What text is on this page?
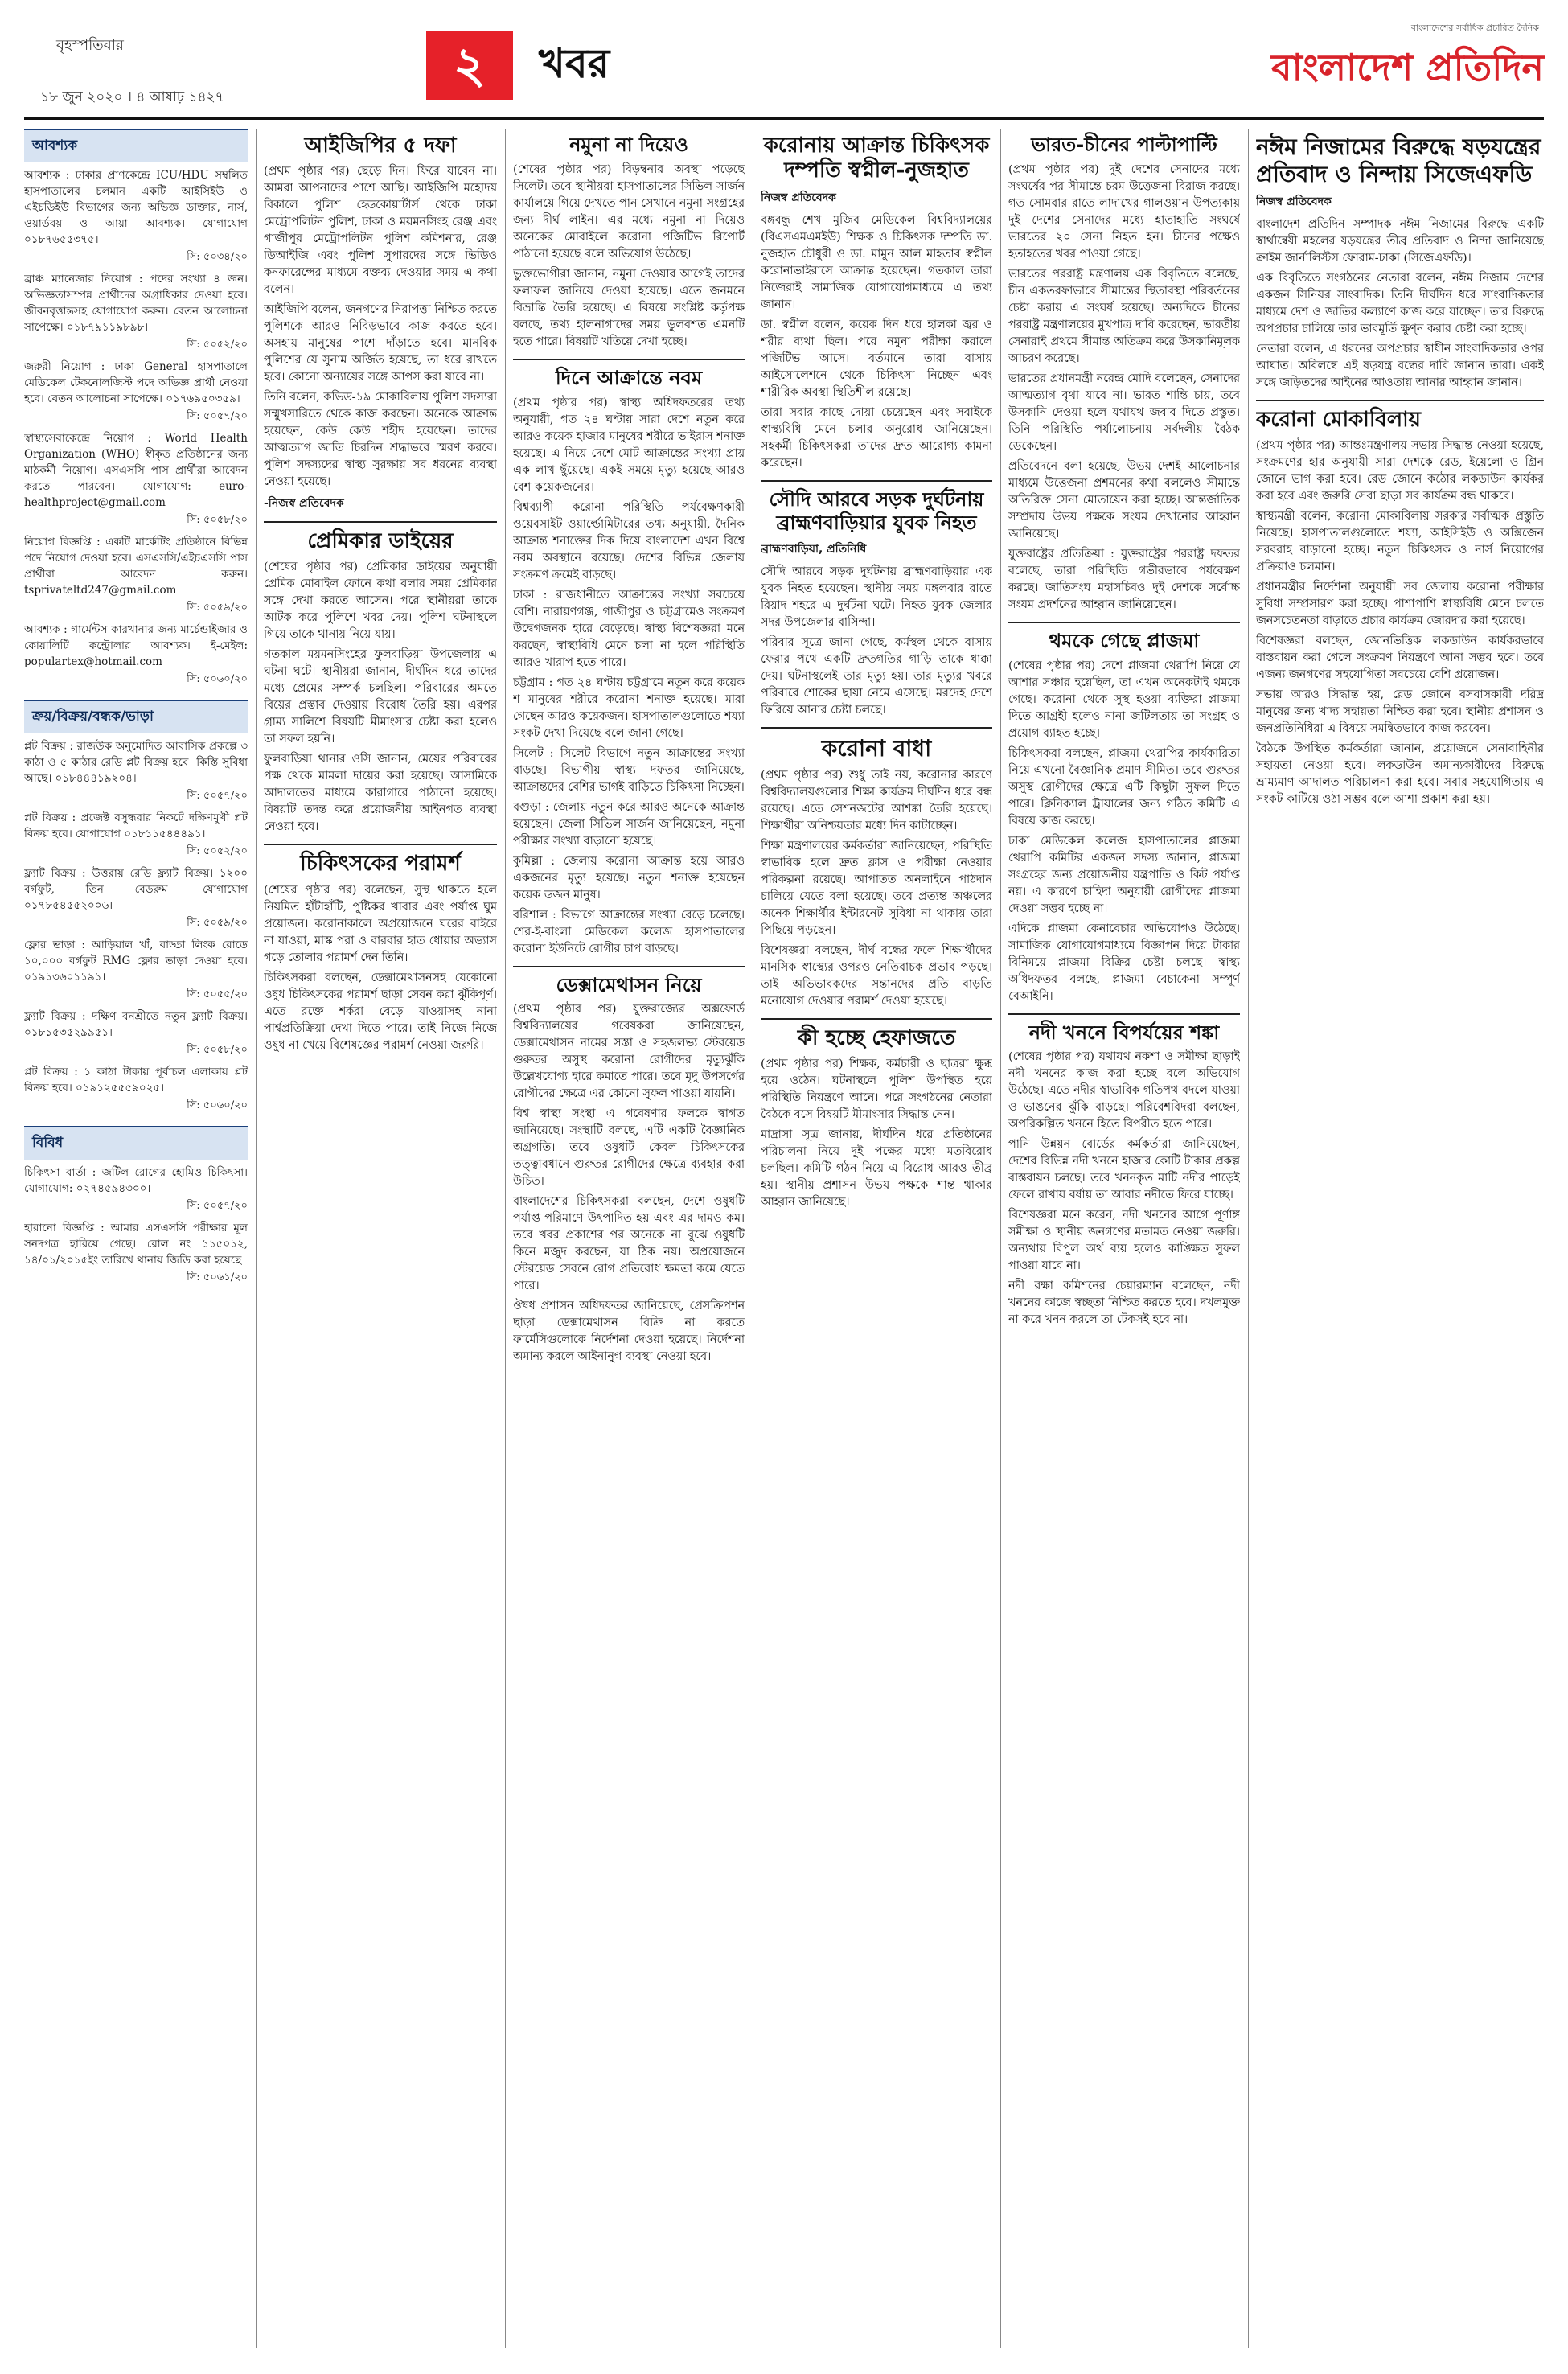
বৃহস্পতিবার
১৮ জুন ২০২০ । ৪ আষাঢ় ১৪২৭
২	খবর
বাংলাদেশের সর্বাধিক প্রচারিত দৈনিক
বাংলাদেশ প্রতিদিন
আবশ্যক

আবশ্যক : ঢাকার প্রাণকেন্দ্রে ICU/HDU সম্বলিত হাসপাতালের চলমান একটি আইসিইউ ও এইচডিইউ বিভাগের জন্য অভিজ্ঞ ডাক্তার, নার্স, ওয়ার্ডবয় ও আয়া আবশ্যক। যোগাযোগ ০১৮৭৬৫৫৩৭৫।

সি: ৫০৩৪/২০

ব্রাঞ্চ ম্যানেজার নিয়োগ : পদের সংখ্যা ৪ জন। অভিজ্ঞতাসম্পন্ন প্রার্থীদের অগ্রাধিকার দেওয়া হবে। জীবনবৃত্তান্তসহ যোগাযোগ করুন। বেতন আলোচনা সাপেক্ষে। ০১৮৭৯১১৯৮৯৮।

সি: ৫০৫২/২০

জরুরী নিয়োগ : ঢাকা General হাসপাতালে মেডিকেল টেকনোলজিস্ট পদে অভিজ্ঞ প্রার্থী নেওয়া হবে। বেতন আলোচনা সাপেক্ষে। ০১৭৬৯৫০৩৫৯।

সি: ৫০৫৭/২০

স্বাস্থ্যসেবাকেন্দ্রে নিয়োগ : World Health Organization (WHO) স্বীকৃত প্রতিষ্ঠানের জন্য মাঠকর্মী নিয়োগ। এসএসসি পাস প্রার্থীরা আবেদন করতে পারবেন। যোগাযোগ: euro-healthproject@gmail.com

সি: ৫০৫৮/২০

নিয়োগ বিজ্ঞপ্তি : একটি মার্কেটিং প্রতিষ্ঠানে বিভিন্ন পদে নিয়োগ দেওয়া হবে। এসএসসি/এইচএসসি পাস প্রার্থীরা আবেদন করুন। tsprivateltd247@gmail.com

সি: ৫০৫৯/২০

আবশ্যক : গার্মেন্টস কারখানার জন্য মার্চেন্ডাইজার ও কোয়ালিটি কন্ট্রোলার আবশ্যক। ই-মেইল: populartex@hotmail.com

সি: ৫০৬০/২০

ক্রয়/বিক্রয়/বন্ধক/ভাড়া

প্লট বিক্রয় : রাজউক অনুমোদিত আবাসিক প্রকল্পে ৩ কাঠা ও ৫ কাঠার রেডি প্লট বিক্রয় হবে। কিস্তি সুবিধা আছে। ০১৮৪৪৪১৯২০৪।

সি: ৫০৫৭/২০

প্লট বিক্রয় : প্রজেক্ট বসুন্ধরার নিকটে দক্ষিণমুখী প্লট বিক্রয় হবে। যোগাযোগ ০১৮১১৫৪৪৪৯১।

সি: ৫০৫২/২০

ফ্ল্যাট বিক্রয় : উত্তরায় রেডি ফ্ল্যাট বিক্রয়। ১২০০ বর্গফুট, তিন বেডরুম। যোগাযোগ ০১৭৮৫৪৫৫২০০৬।

সি: ৫০৫৯/২০

ফ্লোর ভাড়া : আড়িয়াল খাঁ, বাড্ডা লিংক রোডে ১০,০০০ বর্গফুট RMG ফ্লোর ভাড়া দেওয়া হবে। ০১৯১৩৬০১১৯১।

সি: ৫০৫৫/২০

ফ্ল্যাট বিক্রয় : দক্ষিণ বনশ্রীতে নতুন ফ্ল্যাট বিক্রয়। ০১৮১৫৩৫২৯৯৫১।

সি: ৫০৫৮/২০

প্লট বিক্রয় : ১ কাঠা টাকায় পূর্বাচল এলাকায় প্লট বিক্রয় হবে। ০১৯১২৫৫৫৯০২৫।

সি: ৫০৬০/২০

বিবিধ

চিকিৎসা বার্তা : জটিল রোগের হোমিও চিকিৎসা। যোগাযোগ: ০২৭৪৫৯৪৩০০।

সি: ৫০৫৭/২০

হারানো বিজ্ঞপ্তি : আমার এসএসসি পরীক্ষার মূল সনদপত্র হারিয়ে গেছে। রোল নং ১১৫০১২, ১৪/০১/২০১৫ইং তারিখে থানায় জিডি করা হয়েছে।

সি: ৫০৬১/২০

আইজিপির ৫ দফা

(প্রথম পৃষ্ঠার পর) ছেড়ে দিন। ফিরে যাবেন না। আমরা আপনাদের পাশে আছি। আইজিপি মহোদয় বিকালে পুলিশ হেডকোয়ার্টার্স থেকে ঢাকা মেট্রোপলিটন পুলিশ, ঢাকা ও ময়মনসিংহ রেঞ্জ এবং গাজীপুর মেট্রোপলিটন পুলিশ কমিশনার, রেঞ্জ ডিআইজি এবং পুলিশ সুপারদের সঙ্গে ভিডিও কনফারেন্সের মাধ্যমে বক্তব্য দেওয়ার সময় এ কথা বলেন।

আইজিপি বলেন, জনগণের নিরাপত্তা নিশ্চিত করতে পুলিশকে আরও নিবিড়ভাবে কাজ করতে হবে। অসহায় মানুষের পাশে দাঁড়াতে হবে। মানবিক পুলিশের যে সুনাম অর্জিত হয়েছে, তা ধরে রাখতে হবে। কোনো অন্যায়ের সঙ্গে আপস করা যাবে না।

তিনি বলেন, কভিড-১৯ মোকাবিলায় পুলিশ সদস্যরা সম্মুখসারিতে থেকে কাজ করছেন। অনেকে আক্রান্ত হয়েছেন, কেউ কেউ শহীদ হয়েছেন। তাদের আত্মত্যাগ জাতি চিরদিন শ্রদ্ধাভরে স্মরণ করবে। পুলিশ সদস্যদের স্বাস্থ্য সুরক্ষায় সব ধরনের ব্যবস্থা নেওয়া হয়েছে।

-নিজস্ব প্রতিবেদক

প্রেমিকার ডাইয়ের

(শেষের পৃষ্ঠার পর) প্রেমিকার ডাইয়ের অনুযায়ী প্রেমিক মোবাইল ফোনে কথা বলার সময় প্রেমিকার সঙ্গে দেখা করতে আসেন। পরে স্থানীয়রা তাকে আটক করে পুলিশে খবর দেয়। পুলিশ ঘটনাস্থলে গিয়ে তাকে থানায় নিয়ে যায়।

গতকাল ময়মনসিংহের ফুলবাড়িয়া উপজেলায় এ ঘটনা ঘটে। স্থানীয়রা জানান, দীর্ঘদিন ধরে তাদের মধ্যে প্রেমের সম্পর্ক চলছিল। পরিবারের অমতে বিয়ের প্রস্তাব দেওয়ায় বিরোধ তৈরি হয়। এরপর গ্রাম্য সালিশে বিষয়টি মীমাংসার চেষ্টা করা হলেও তা সফল হয়নি।

ফুলবাড়িয়া থানার ওসি জানান, মেয়ের পরিবারের পক্ষ থেকে মামলা দায়ের করা হয়েছে। আসামিকে আদালতের মাধ্যমে কারাগারে পাঠানো হয়েছে। বিষয়টি তদন্ত করে প্রয়োজনীয় আইনগত ব্যবস্থা নেওয়া হবে।

চিকিৎসকের পরামর্শ

(শেষের পৃষ্ঠার পর) বলেছেন, সুস্থ থাকতে হলে নিয়মিত হাঁটাহাঁটি, পুষ্টিকর খাবার এবং পর্যাপ্ত ঘুম প্রয়োজন। করোনাকালে অপ্রয়োজনে ঘরের বাইরে না যাওয়া, মাস্ক পরা ও বারবার হাত ধোয়ার অভ্যাস গড়ে তোলার পরামর্শ দেন তিনি।

চিকিৎসকরা বলছেন, ডেক্সামেথাসনসহ যেকোনো ওষুধ চিকিৎসকের পরামর্শ ছাড়া সেবন করা ঝুঁকিপূর্ণ। এতে রক্তে শর্করা বেড়ে যাওয়াসহ নানা পার্শ্বপ্রতিক্রিয়া দেখা দিতে পারে। তাই নিজে নিজে ওষুধ না খেয়ে বিশেষজ্ঞের পরামর্শ নেওয়া জরুরি।

নমুনা না দিয়েও

(শেষের পৃষ্ঠার পর) বিড়ম্বনার অবস্থা পড়েছে সিলেট। তবে স্থানীয়রা হাসপাতালের সিভিল সার্জন কার্যালয়ে গিয়ে দেখতে পান সেখানে নমুনা সংগ্রহের জন্য দীর্ঘ লাইন। এর মধ্যে নমুনা না দিয়েও অনেকের মোবাইলে করোনা পজিটিভ রিপোর্ট পাঠানো হয়েছে বলে অভিযোগ উঠেছে।

ভুক্তভোগীরা জানান, নমুনা দেওয়ার আগেই তাদের ফলাফল জানিয়ে দেওয়া হয়েছে। এতে জনমনে বিভ্রান্তি তৈরি হয়েছে। এ বিষয়ে সংশ্লিষ্ট কর্তৃপক্ষ বলছে, তথ্য হালনাগাদের সময় ভুলবশত এমনটি হতে পারে। বিষয়টি খতিয়ে দেখা হচ্ছে।

দিনে আক্রান্তে নবম

(প্রথম পৃষ্ঠার পর) স্বাস্থ্য অধিদফতরের তথ্য অনুযায়ী, গত ২৪ ঘণ্টায় সারা দেশে নতুন করে আরও কয়েক হাজার মানুষের শরীরে ভাইরাস শনাক্ত হয়েছে। এ নিয়ে দেশে মোট আক্রান্তের সংখ্যা প্রায় এক লাখ ছুঁয়েছে। একই সময়ে মৃত্যু হয়েছে আরও বেশ কয়েকজনের।

বিশ্বব্যাপী করোনা পরিস্থিতি পর্যবেক্ষণকারী ওয়েবসাইট ওয়ার্ল্ডোমিটারের তথ্য অনুযায়ী, দৈনিক আক্রান্ত শনাক্তের দিক দিয়ে বাংলাদেশ এখন বিশ্বে নবম অবস্থানে রয়েছে। দেশের বিভিন্ন জেলায় সংক্রমণ ক্রমেই বাড়ছে।

ঢাকা : রাজধানীতে আক্রান্তের সংখ্যা সবচেয়ে বেশি। নারায়ণগঞ্জ, গাজীপুর ও চট্টগ্রামেও সংক্রমণ উদ্বেগজনক হারে বেড়েছে। স্বাস্থ্য বিশেষজ্ঞরা মনে করছেন, স্বাস্থ্যবিধি মেনে চলা না হলে পরিস্থিতি আরও খারাপ হতে পারে।

চট্টগ্রাম : গত ২৪ ঘণ্টায় চট্টগ্রামে নতুন করে কয়েক শ মানুষের শরীরে করোনা শনাক্ত হয়েছে। মারা গেছেন আরও কয়েকজন। হাসপাতালগুলোতে শয্যা সংকট দেখা দিয়েছে বলে জানা গেছে।

সিলেট : সিলেট বিভাগে নতুন আক্রান্তের সংখ্যা বাড়ছে। বিভাগীয় স্বাস্থ্য দফতর জানিয়েছে, আক্রান্তদের বেশির ভাগই বাড়িতে চিকিৎসা নিচ্ছেন।

বগুড়া : জেলায় নতুন করে আরও অনেকে আক্রান্ত হয়েছেন। জেলা সিভিল সার্জন জানিয়েছেন, নমুনা পরীক্ষার সংখ্যা বাড়ানো হয়েছে।

কুমিল্লা : জেলায় করোনা আক্রান্ত হয়ে আরও একজনের মৃত্যু হয়েছে। নতুন শনাক্ত হয়েছেন কয়েক ডজন মানুষ।

বরিশাল : বিভাগে আক্রান্তের সংখ্যা বেড়ে চলেছে। শের-ই-বাংলা মেডিকেল কলেজ হাসপাতালের করোনা ইউনিটে রোগীর চাপ বাড়ছে।

ডেক্সামেথাসন নিয়ে

(প্রথম পৃষ্ঠার পর) যুক্তরাজ্যের অক্সফোর্ড বিশ্ববিদ্যালয়ের গবেষকরা জানিয়েছেন, ডেক্সামেথাসন নামের সস্তা ও সহজলভ্য স্টেরয়েড গুরুতর অসুস্থ করোনা রোগীদের মৃত্যুঝুঁকি উল্লেখযোগ্য হারে কমাতে পারে। তবে মৃদু উপসর্গের রোগীদের ক্ষেত্রে এর কোনো সুফল পাওয়া যায়নি।

বিশ্ব স্বাস্থ্য সংস্থা এ গবেষণার ফলকে স্বাগত জানিয়েছে। সংস্থাটি বলছে, এটি একটি বৈজ্ঞানিক অগ্রগতি। তবে ওষুধটি কেবল চিকিৎসকের তত্ত্বাবধানে গুরুতর রোগীদের ক্ষেত্রে ব্যবহার করা উচিত।

বাংলাদেশের চিকিৎসকরা বলছেন, দেশে ওষুধটি পর্যাপ্ত পরিমাণে উৎপাদিত হয় এবং এর দামও কম। তবে খবর প্রকাশের পর অনেকে না বুঝে ওষুধটি কিনে মজুদ করছেন, যা ঠিক নয়। অপ্রয়োজনে স্টেরয়েড সেবনে রোগ প্রতিরোধ ক্ষমতা কমে যেতে পারে।

ঔষধ প্রশাসন অধিদফতর জানিয়েছে, প্রেসক্রিপশন ছাড়া ডেক্সামেথাসন বিক্রি না করতে ফার্মেসিগুলোকে নির্দেশনা দেওয়া হয়েছে। নির্দেশনা অমান্য করলে আইনানুগ ব্যবস্থা নেওয়া হবে।

করোনায় আক্রান্ত চিকিৎসক দম্পতি স্বপ্নীল-নুজহাত

নিজস্ব প্রতিবেদক

বঙ্গবন্ধু শেখ মুজিব মেডিকেল বিশ্ববিদ্যালয়ের (বিএসএমএমইউ) শিক্ষক ও চিকিৎসক দম্পতি ডা. নুজহাত চৌধুরী ও ডা. মামুন আল মাহতাব স্বপ্নীল করোনাভাইরাসে আক্রান্ত হয়েছেন। গতকাল তারা নিজেরাই সামাজিক যোগাযোগমাধ্যমে এ তথ্য জানান।

ডা. স্বপ্নীল বলেন, কয়েক দিন ধরে হালকা জ্বর ও শরীর ব্যথা ছিল। পরে নমুনা পরীক্ষা করালে পজিটিভ আসে। বর্তমানে তারা বাসায় আইসোলেশনে থেকে চিকিৎসা নিচ্ছেন এবং শারীরিক অবস্থা স্থিতিশীল রয়েছে।

তারা সবার কাছে দোয়া চেয়েছেন এবং সবাইকে স্বাস্থ্যবিধি মেনে চলার অনুরোধ জানিয়েছেন। সহকর্মী চিকিৎসকরা তাদের দ্রুত আরোগ্য কামনা করেছেন।

সৌদি আরবে সড়ক দুর্ঘটনায় ব্রাহ্মণবাড়িয়ার যুবক নিহত

ব্রাহ্মণবাড়িয়া, প্রতিনিধি

সৌদি আরবে সড়ক দুর্ঘটনায় ব্রাহ্মণবাড়িয়ার এক যুবক নিহত হয়েছেন। স্থানীয় সময় মঙ্গলবার রাতে রিয়াদ শহরে এ দুর্ঘটনা ঘটে। নিহত যুবক জেলার সদর উপজেলার বাসিন্দা।

পরিবার সূত্রে জানা গেছে, কর্মস্থল থেকে বাসায় ফেরার পথে একটি দ্রুতগতির গাড়ি তাকে ধাক্কা দেয়। ঘটনাস্থলেই তার মৃত্যু হয়। তার মৃত্যুর খবরে পরিবারে শোকের ছায়া নেমে এসেছে। মরদেহ দেশে ফিরিয়ে আনার চেষ্টা চলছে।

করোনা বাধা

(প্রথম পৃষ্ঠার পর) শুধু তাই নয়, করোনার কারণে বিশ্ববিদ্যালয়গুলোর শিক্ষা কার্যক্রম দীর্ঘদিন ধরে বন্ধ রয়েছে। এতে সেশনজটের আশঙ্কা তৈরি হয়েছে। শিক্ষার্থীরা অনিশ্চয়তার মধ্যে দিন কাটাচ্ছেন।

শিক্ষা মন্ত্রণালয়ের কর্মকর্তারা জানিয়েছেন, পরিস্থিতি স্বাভাবিক হলে দ্রুত ক্লাস ও পরীক্ষা নেওয়ার পরিকল্পনা রয়েছে। আপাতত অনলাইনে পাঠদান চালিয়ে যেতে বলা হয়েছে। তবে প্রত্যন্ত অঞ্চলের অনেক শিক্ষার্থীর ইন্টারনেট সুবিধা না থাকায় তারা পিছিয়ে পড়ছেন।

বিশেষজ্ঞরা বলছেন, দীর্ঘ বন্ধের ফলে শিক্ষার্থীদের মানসিক স্বাস্থ্যের ওপরও নেতিবাচক প্রভাব পড়ছে। তাই অভিভাবকদের সন্তানদের প্রতি বাড়তি মনোযোগ দেওয়ার পরামর্শ দেওয়া হয়েছে।

কী হচ্ছে হেফাজতে

(প্রথম পৃষ্ঠার পর) শিক্ষক, কর্মচারী ও ছাত্ররা ক্ষুব্ধ হয়ে ওঠেন। ঘটনাস্থলে পুলিশ উপস্থিত হয়ে পরিস্থিতি নিয়ন্ত্রণে আনে। পরে সংগঠনের নেতারা বৈঠকে বসে বিষয়টি মীমাংসার সিদ্ধান্ত নেন।

মাদ্রাসা সূত্র জানায়, দীর্ঘদিন ধরে প্রতিষ্ঠানের পরিচালনা নিয়ে দুই পক্ষের মধ্যে মতবিরোধ চলছিল। কমিটি গঠন নিয়ে এ বিরোধ আরও তীব্র হয়। স্থানীয় প্রশাসন উভয় পক্ষকে শান্ত থাকার আহ্বান জানিয়েছে।

ভারত-চীনের পাল্টাপাল্টি

(প্রথম পৃষ্ঠার পর) দুই দেশের সেনাদের মধ্যে সংঘর্ষের পর সীমান্তে চরম উত্তেজনা বিরাজ করছে। গত সোমবার রাতে লাদাখের গালওয়ান উপত্যকায় দুই দেশের সেনাদের মধ্যে হাতাহাতি সংঘর্ষে ভারতের ২০ সেনা নিহত হন। চীনের পক্ষেও হতাহতের খবর পাওয়া গেছে।

ভারতের পররাষ্ট্র মন্ত্রণালয় এক বিবৃতিতে বলেছে, চীন একতরফাভাবে সীমান্তের স্থিতাবস্থা পরিবর্তনের চেষ্টা করায় এ সংঘর্ষ হয়েছে। অন্যদিকে চীনের পররাষ্ট্র মন্ত্রণালয়ের মুখপাত্র দাবি করেছেন, ভারতীয় সেনারাই প্রথমে সীমান্ত অতিক্রম করে উসকানিমূলক আচরণ করেছে।

ভারতের প্রধানমন্ত্রী নরেন্দ্র মোদি বলেছেন, সেনাদের আত্মত্যাগ বৃথা যাবে না। ভারত শান্তি চায়, তবে উসকানি দেওয়া হলে যথাযথ জবাব দিতে প্রস্তুত। তিনি পরিস্থিতি পর্যালোচনায় সর্বদলীয় বৈঠক ডেকেছেন।

প্রতিবেদনে বলা হয়েছে, উভয় দেশই আলোচনার মাধ্যমে উত্তেজনা প্রশমনের কথা বললেও সীমান্তে অতিরিক্ত সেনা মোতায়েন করা হচ্ছে। আন্তর্জাতিক সম্প্রদায় উভয় পক্ষকে সংযম দেখানোর আহ্বান জানিয়েছে।

যুক্তরাষ্ট্রের প্রতিক্রিয়া : যুক্তরাষ্ট্রের পররাষ্ট্র দফতর বলেছে, তারা পরিস্থিতি গভীরভাবে পর্যবেক্ষণ করছে। জাতিসংঘ মহাসচিবও দুই দেশকে সর্বোচ্চ সংযম প্রদর্শনের আহ্বান জানিয়েছেন।

থমকে গেছে প্লাজমা

(শেষের পৃষ্ঠার পর) দেশে প্লাজমা থেরাপি নিয়ে যে আশার সঞ্চার হয়েছিল, তা এখন অনেকটাই থমকে গেছে। করোনা থেকে সুস্থ হওয়া ব্যক্তিরা প্লাজমা দিতে আগ্রহী হলেও নানা জটিলতায় তা সংগ্রহ ও প্রয়োগ ব্যাহত হচ্ছে।

চিকিৎসকরা বলছেন, প্লাজমা থেরাপির কার্যকারিতা নিয়ে এখনো বৈজ্ঞানিক প্রমাণ সীমিত। তবে গুরুতর অসুস্থ রোগীদের ক্ষেত্রে এটি কিছুটা সুফল দিতে পারে। ক্লিনিক্যাল ট্রায়ালের জন্য গঠিত কমিটি এ বিষয়ে কাজ করছে।

ঢাকা মেডিকেল কলেজ হাসপাতালের প্লাজমা থেরাপি কমিটির একজন সদস্য জানান, প্লাজমা সংগ্রহের জন্য প্রয়োজনীয় যন্ত্রপাতি ও কিট পর্যাপ্ত নয়। এ কারণে চাহিদা অনুযায়ী রোগীদের প্লাজমা দেওয়া সম্ভব হচ্ছে না।

এদিকে প্লাজমা কেনাবেচার অভিযোগও উঠেছে। সামাজিক যোগাযোগমাধ্যমে বিজ্ঞাপন দিয়ে টাকার বিনিময়ে প্লাজমা বিক্রির চেষ্টা চলছে। স্বাস্থ্য অধিদফতর বলছে, প্লাজমা বেচাকেনা সম্পূর্ণ বেআইনি।

নদী খননে বিপর্যয়ের শঙ্কা

(শেষের পৃষ্ঠার পর) যথাযথ নকশা ও সমীক্ষা ছাড়াই নদী খননের কাজ করা হচ্ছে বলে অভিযোগ উঠেছে। এতে নদীর স্বাভাবিক গতিপথ বদলে যাওয়া ও ভাঙনের ঝুঁকি বাড়ছে। পরিবেশবিদরা বলছেন, অপরিকল্পিত খননে হিতে বিপরীত হতে পারে।

পানি উন্নয়ন বোর্ডের কর্মকর্তারা জানিয়েছেন, দেশের বিভিন্ন নদী খননে হাজার কোটি টাকার প্রকল্প বাস্তবায়ন চলছে। তবে খননকৃত মাটি নদীর পাড়েই ফেলে রাখায় বর্ষায় তা আবার নদীতে ফিরে যাচ্ছে।

বিশেষজ্ঞরা মনে করেন, নদী খননের আগে পূর্ণাঙ্গ সমীক্ষা ও স্থানীয় জনগণের মতামত নেওয়া জরুরি। অন্যথায় বিপুল অর্থ ব্যয় হলেও কাঙ্ক্ষিত সুফল পাওয়া যাবে না।

নদী রক্ষা কমিশনের চেয়ারম্যান বলেছেন, নদী খননের কাজে স্বচ্ছতা নিশ্চিত করতে হবে। দখলমুক্ত না করে খনন করলে তা টেকসই হবে না।

নঈম নিজামের বিরুদ্ধে ষড়যন্ত্রের প্রতিবাদ ও নিন্দায় সিজেএফডি

নিজস্ব প্রতিবেদক

বাংলাদেশ প্রতিদিন সম্পাদক নঈম নিজামের বিরুদ্ধে একটি স্বার্থান্বেষী মহলের ষড়যন্ত্রের তীব্র প্রতিবাদ ও নিন্দা জানিয়েছে ক্রাইম জার্নালিস্টস ফোরাম-ঢাকা (সিজেএফডি)।

এক বিবৃতিতে সংগঠনের নেতারা বলেন, নঈম নিজাম দেশের একজন সিনিয়র সাংবাদিক। তিনি দীর্ঘদিন ধরে সাংবাদিকতার মাধ্যমে দেশ ও জাতির কল্যাণে কাজ করে যাচ্ছেন। তার বিরুদ্ধে অপপ্রচার চালিয়ে তার ভাবমূর্তি ক্ষুণ্ন করার চেষ্টা করা হচ্ছে।

নেতারা বলেন, এ ধরনের অপপ্রচার স্বাধীন সাংবাদিকতার ওপর আঘাত। অবিলম্বে এই ষড়যন্ত্র বন্ধের দাবি জানান তারা। একই সঙ্গে জড়িতদের আইনের আওতায় আনার আহ্বান জানান।

করোনা মোকাবিলায়

(প্রথম পৃষ্ঠার পর) আন্তঃমন্ত্রণালয় সভায় সিদ্ধান্ত নেওয়া হয়েছে, সংক্রমণের হার অনুযায়ী সারা দেশকে রেড, ইয়েলো ও গ্রিন জোনে ভাগ করা হবে। রেড জোনে কঠোর লকডাউন কার্যকর করা হবে এবং জরুরি সেবা ছাড়া সব কার্যক্রম বন্ধ থাকবে।

স্বাস্থ্যমন্ত্রী বলেন, করোনা মোকাবিলায় সরকার সর্বাত্মক প্রস্তুতি নিয়েছে। হাসপাতালগুলোতে শয্যা, আইসিইউ ও অক্সিজেন সরবরাহ বাড়ানো হচ্ছে। নতুন চিকিৎসক ও নার্স নিয়োগের প্রক্রিয়াও চলমান।

প্রধানমন্ত্রীর নির্দেশনা অনুযায়ী সব জেলায় করোনা পরীক্ষার সুবিধা সম্প্রসারণ করা হচ্ছে। পাশাপাশি স্বাস্থ্যবিধি মেনে চলতে জনসচেতনতা বাড়াতে প্রচার কার্যক্রম জোরদার করা হয়েছে।

বিশেষজ্ঞরা বলছেন, জোনভিত্তিক লকডাউন কার্যকরভাবে বাস্তবায়ন করা গেলে সংক্রমণ নিয়ন্ত্রণে আনা সম্ভব হবে। তবে এজন্য জনগণের সহযোগিতা সবচেয়ে বেশি প্রয়োজন।

সভায় আরও সিদ্ধান্ত হয়, রেড জোনে বসবাসকারী দরিদ্র মানুষের জন্য খাদ্য সহায়তা নিশ্চিত করা হবে। স্থানীয় প্রশাসন ও জনপ্রতিনিধিরা এ বিষয়ে সমন্বিতভাবে কাজ করবেন।

বৈঠকে উপস্থিত কর্মকর্তারা জানান, প্রয়োজনে সেনাবাহিনীর সহায়তা নেওয়া হবে। লকডাউন অমান্যকারীদের বিরুদ্ধে ভ্রাম্যমাণ আদালত পরিচালনা করা হবে। সবার সহযোগিতায় এ সংকট কাটিয়ে ওঠা সম্ভব বলে আশা প্রকাশ করা হয়।
